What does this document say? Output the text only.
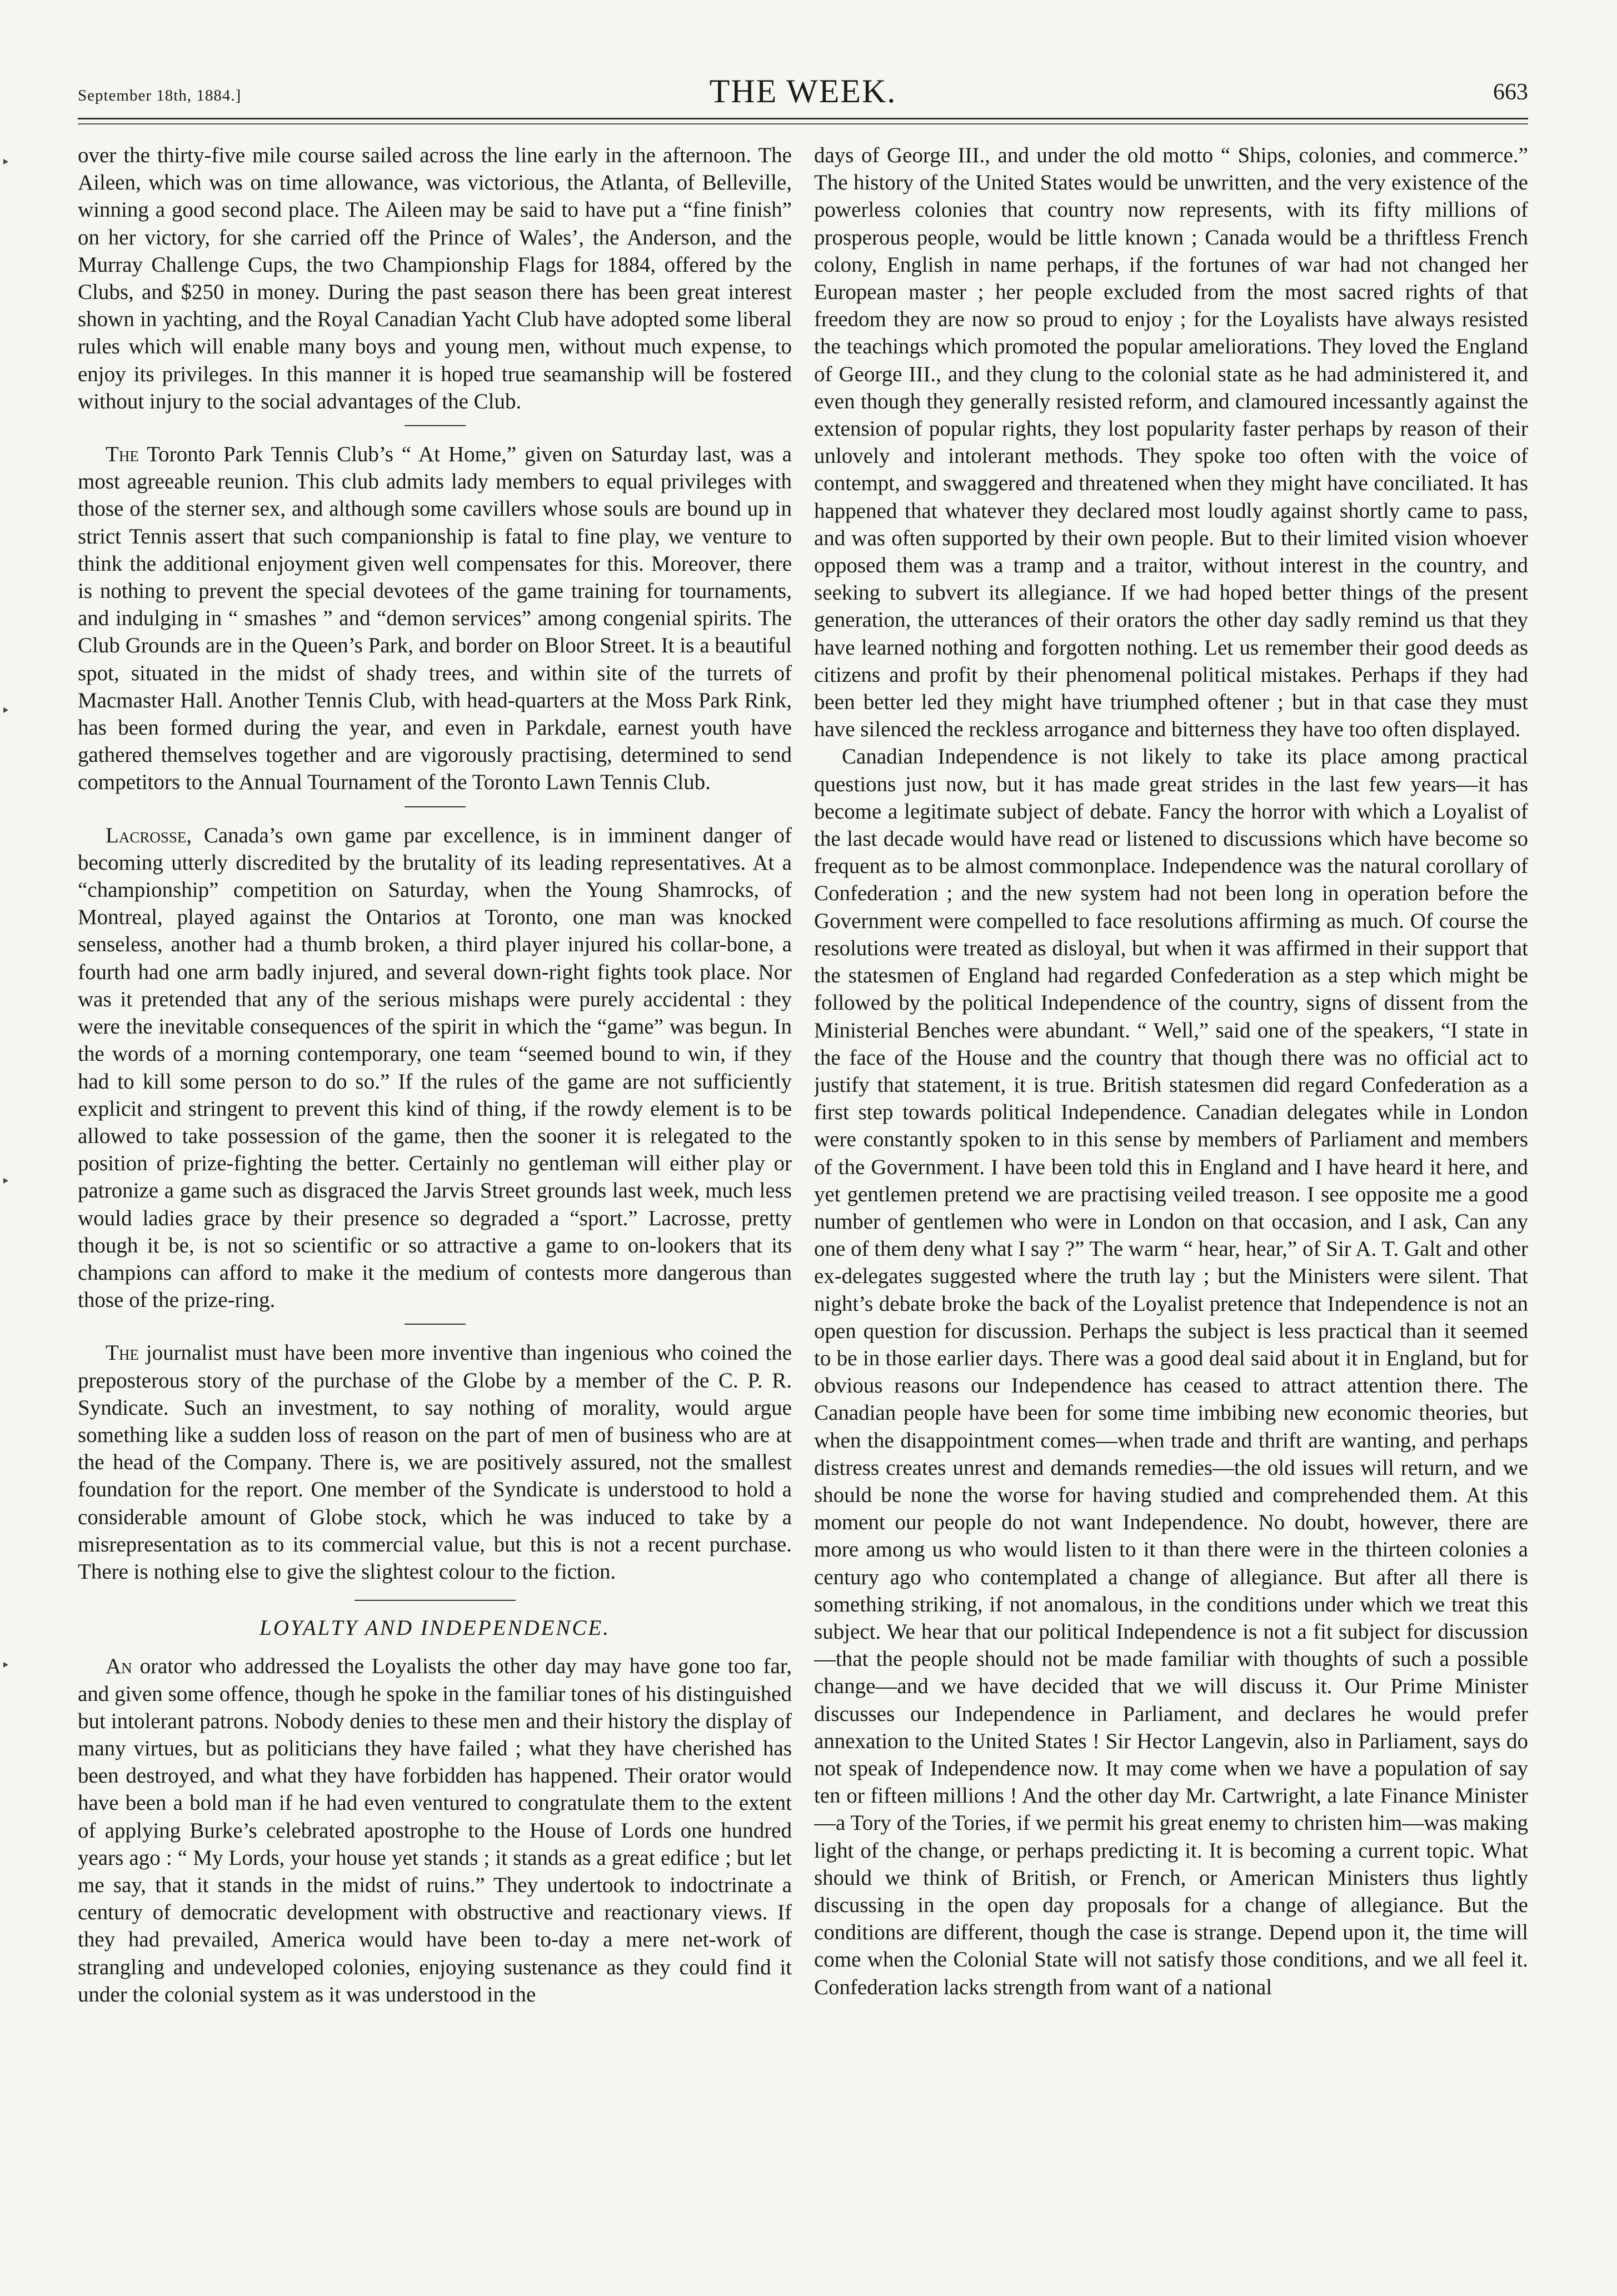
September 18th, 1884.]	THE WEEK.	663

over the thirty-five mile course sailed across the line early in the afternoon. The Aileen, which was on time allowance, was victorious, the Atlanta, of Belleville, winning a good second place. The Aileen may be said to have put a “fine finish” on her victory, for she carried off the Prince of Wales’, the Anderson, and the Murray Challenge Cups, the two Championship Flags for 1884, offered by the Clubs, and $250 in money. During the past season there has been great interest shown in yachting, and the Royal Canadian Yacht Club have adopted some liberal rules which will enable many boys and young men, without much expense, to enjoy its privileges. In this manner it is hoped true seamanship will be fostered without injury to the social advantages of the Club.

The Toronto Park Tennis Club’s “ At Home,” given on Saturday last, was a most agreeable reunion. This club admits lady members to equal privileges with those of the sterner sex, and although some cavillers whose souls are bound up in strict Tennis assert that such companionship is fatal to fine play, we venture to think the additional enjoyment given well compensates for this. Moreover, there is nothing to prevent the special devotees of the game training for tournaments, and indulging in “ smashes ” and “demon services” among congenial spirits. The Club Grounds are in the Queen’s Park, and border on Bloor Street. It is a beautiful spot, situated in the midst of shady trees, and within site of the turrets of Macmaster Hall. Another Tennis Club, with head-quarters at the Moss Park Rink, has been formed during the year, and even in Parkdale, earnest youth have gathered themselves together and are vigorously practising, determined to send competitors to the Annual Tournament of the Toronto Lawn Tennis Club.

Lacrosse, Canada’s own game par excellence, is in imminent danger of becoming utterly discredited by the brutality of its leading representatives. At a “championship” competition on Saturday, when the Young Shamrocks, of Montreal, played against the Ontarios at Toronto, one man was knocked senseless, another had a thumb broken, a third player injured his collar-bone, a fourth had one arm badly injured, and several down-right fights took place. Nor was it pretended that any of the serious mishaps were purely accidental : they were the inevitable consequences of the spirit in which the “game” was begun. In the words of a morning contemporary, one team “seemed bound to win, if they had to kill some person to do so.” If the rules of the game are not sufficiently explicit and stringent to prevent this kind of thing, if the rowdy element is to be allowed to take possession of the game, then the sooner it is relegated to the position of prize-fighting the better. Certainly no gentleman will either play or patronize a game such as disgraced the Jarvis Street grounds last week, much less would ladies grace by their presence so degraded a “sport.” Lacrosse, pretty though it be, is not so scientific or so attractive a game to on-lookers that its champions can afford to make it the medium of contests more dangerous than those of the prize-ring.

The journalist must have been more inventive than ingenious who coined the preposterous story of the purchase of the Globe by a member of the C. P. R. Syndicate. Such an investment, to say nothing of morality, would argue something like a sudden loss of reason on the part of men of business who are at the head of the Company. There is, we are positively assured, not the smallest foundation for the report. One member of the Syndicate is understood to hold a considerable amount of Globe stock, which he was induced to take by a misrepresentation as to its commercial value, but this is not a recent purchase. There is nothing else to give the slightest colour to the fiction.

LOYALTY AND INDEPENDENCE.

An orator who addressed the Loyalists the other day may have gone too far, and given some offence, though he spoke in the familiar tones of his distinguished but intolerant patrons. Nobody denies to these men and their history the display of many virtues, but as politicians they have failed ; what they have cherished has been destroyed, and what they have forbidden has happened. Their orator would have been a bold man if he had even ventured to congratulate them to the extent of applying Burke’s celebrated apostrophe to the House of Lords one hundred years ago : “ My Lords, your house yet stands ; it stands as a great edifice ; but let me say, that it stands in the midst of ruins.” They undertook to indoctrinate a century of democratic development with obstructive and reactionary views. If they had prevailed, America would have been to-day a mere net-work of strangling and undeveloped colonies, enjoying sustenance as they could find it under the colonial system as it was understood in the

days of George III., and under the old motto “ Ships, colonies, and commerce.” The history of the United States would be unwritten, and the very existence of the powerless colonies that country now represents, with its fifty millions of prosperous people, would be little known ; Canada would be a thriftless French colony, English in name perhaps, if the fortunes of war had not changed her European master ; her people excluded from the most sacred rights of that freedom they are now so proud to enjoy ; for the Loyalists have always resisted the teachings which promoted the popular ameliorations. They loved the England of George III., and they clung to the colonial state as he had administered it, and even though they generally resisted reform, and clamoured incessantly against the extension of popular rights, they lost popularity faster perhaps by reason of their unlovely and intolerant methods. They spoke too often with the voice of contempt, and swaggered and threatened when they might have conciliated. It has happened that whatever they declared most loudly against shortly came to pass, and was often supported by their own people. But to their limited vision whoever opposed them was a tramp and a traitor, without interest in the country, and seeking to subvert its allegiance. If we had hoped better things of the present generation, the utterances of their orators the other day sadly remind us that they have learned nothing and forgotten nothing. Let us remember their good deeds as citizens and profit by their phenomenal political mistakes. Perhaps if they had been better led they might have triumphed oftener ; but in that case they must have silenced the reckless arrogance and bitterness they have too often displayed.

Canadian Independence is not likely to take its place among practical questions just now, but it has made great strides in the last few years—it has become a legitimate subject of debate. Fancy the horror with which a Loyalist of the last decade would have read or listened to discussions which have become so frequent as to be almost commonplace. Independence was the natural corollary of Confederation ; and the new system had not been long in operation before the Government were compelled to face resolutions affirming as much. Of course the resolutions were treated as disloyal, but when it was affirmed in their support that the statesmen of England had regarded Confederation as a step which might be followed by the political Independence of the country, signs of dissent from the Ministerial Benches were abundant. “ Well,” said one of the speakers, “I state in the face of the House and the country that though there was no official act to justify that statement, it is true. British statesmen did regard Confederation as a first step towards political Independence. Canadian delegates while in London were constantly spoken to in this sense by members of Parliament and members of the Government. I have been told this in England and I have heard it here, and yet gentlemen pretend we are practising veiled treason. I see opposite me a good number of gentlemen who were in London on that occasion, and I ask, Can any one of them deny what I say ?” The warm “ hear, hear,” of Sir A. T. Galt and other ex-delegates suggested where the truth lay ; but the Ministers were silent. That night’s debate broke the back of the Loyalist pretence that Independence is not an open question for discussion. Perhaps the subject is less practical than it seemed to be in those earlier days. There was a good deal said about it in England, but for obvious reasons our Independence has ceased to attract attention there. The Canadian people have been for some time imbibing new economic theories, but when the disappointment comes—when trade and thrift are wanting, and perhaps distress creates unrest and demands remedies—the old issues will return, and we should be none the worse for having studied and comprehended them. At this moment our people do not want Independence. No doubt, however, there are more among us who would listen to it than there were in the thirteen colonies a century ago who contemplated a change of allegiance. But after all there is something striking, if not anomalous, in the conditions under which we treat this subject. We hear that our political Independence is not a fit subject for discussion—that the people should not be made familiar with thoughts of such a possible change—and we have decided that we will discuss it. Our Prime Minister discusses our Independence in Parliament, and declares he would prefer annexation to the United States ! Sir Hector Langevin, also in Parliament, says do not speak of Independence now. It may come when we have a population of say ten or fifteen millions ! And the other day Mr. Cartwright, a late Finance Minister—a Tory of the Tories, if we permit his great enemy to christen him—was making light of the change, or perhaps predicting it. It is becoming a current topic. What should we think of British, or French, or American Ministers thus lightly discussing in the open day proposals for a change of allegiance. But the conditions are different, though the case is strange. Depend upon it, the time will come when the Colonial State will not satisfy those conditions, and we all feel it. Confederation lacks strength from want of a national
